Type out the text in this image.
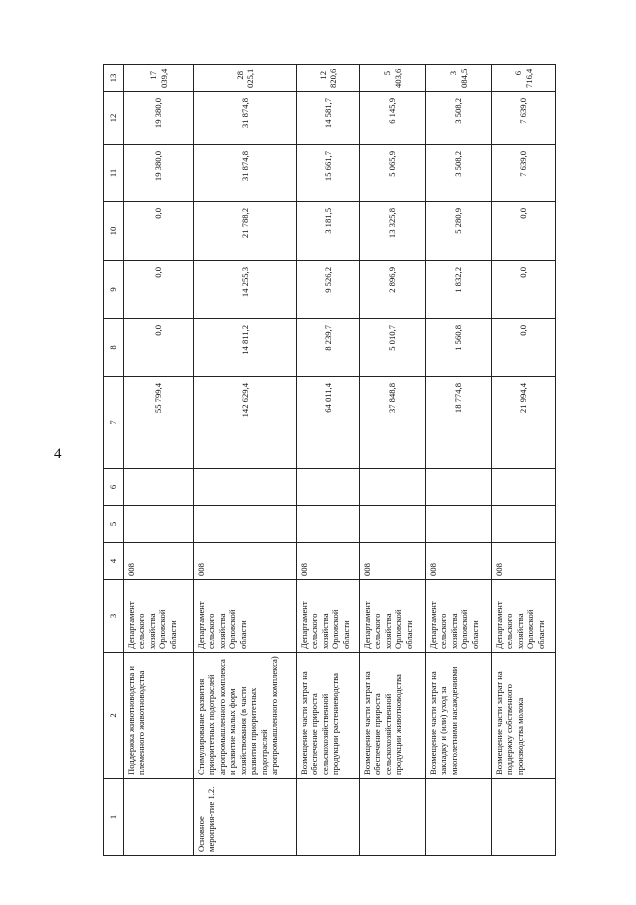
4
1	2	3	4	5	6	7	8	9	10	11	12	13
	Поддержка животноводства и племенного животноводства	Департамент сельского хозяйства Орловской области	008			55 799,4	0,0	0,0	0,0	19 380,0	19 380,0	17 039,4
Основное мероприя-тие 1.2.	Стимулирование развития приоритетных подотраслей агропромышленного комплекса и развитие малых форм хозяйствования (в части развития приоритетных подотраслей агропромышленного комплекса)	Департамент сельского хозяйства Орловской области	008			142 629,4	14 811,2	14 255,3	21 788,2	31 874,8	31 874,8	28 025,1
	Возмещение части затрат на обеспечение прироста сельскохозяйственной продукции растениеводства	Департамент сельского хозяйства Орловской области	008			64 011,4	8 239,7	9 526,2	3 181,5	15 661,7	14 581,7	12 820,6
	Возмещение части затрат на обеспечение прироста сельскохозяйственной продукции животноводства	Департамент сельского хозяйства Орловской области	008			37 848,8	5 010,7	2 896,9	13 325,8	5 065,9	6 145,9	5 403,6
	Возмещение части затрат на закладку и (или) уход за многолетними насаждениями	Департамент сельского хозяйства Орловской области	008			18 774,8	1 560,8	1 832,2	5 280,9	3 508,2	3 508,2	3 084,5
	Возмещение части затрат на поддержку собственного производства молока	Департамент сельского хозяйства Орловской области	008			21 994,4	0,0	0,0	0,0	7 639,0	7 639,0	6 716,4
